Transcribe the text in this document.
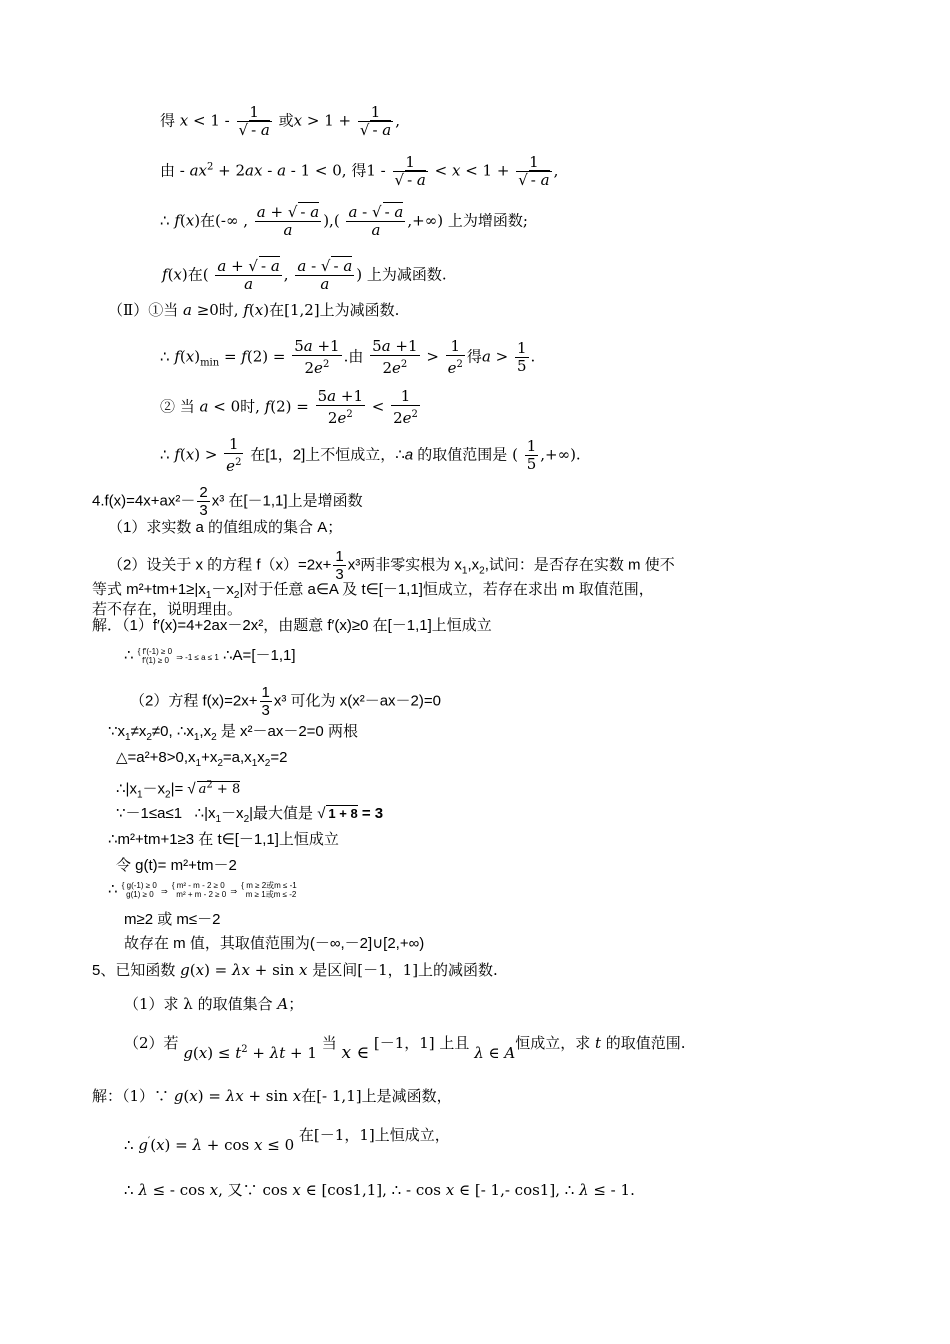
得 $x < 1 - \frac{1}{√ - a}$ 或$x > 1 + \frac{1}{√ - a}$ ,
由 - $ax^2 + 2ax - a - 1 < 0$, 得$1 - \frac{1}{√ - a} < x < 1 + \frac{1}{√ - a}$ ,
∴ f(x)在(-∞ , $\frac{a + √ - a}{a}$ ),( $\frac{a - √ - a}{a}$ ,+∞) 上为增函数;
f(x)在( $\frac{a + √ - a}{a}$ , $\frac{a - √ - a}{a}$ ) 上为减函数.
（Ⅱ）①当 a ≥0时, f(x)在[1,2]上为减函数.
∴ $f(x)_{min} = f(2) = \frac{5a +1}{2e^2}$ .由 $\frac{5a +1}{2e^2} > \frac{1}{e^2}$ 得$a > \frac{1}{5}$ .
② 当 a < 0时, $f(2) = \frac{5a +1}{2e^2} < \frac{1}{2e^2}$
∴ $f(x) > \frac{1}{e^2}$ 在[1，2]上不恒成立，∴a 的取值范围是 ( $\frac{1}{5}$ ,+∞).
$4.f(x)=4x+ax^2- \frac{2}{3} x^3$ 在[－1,1]上是增函数
（1）求实数 a 的值组成的集合 A；
（2）设关于 x 的方程 $f(x)=2x+ \frac{1}{3} x^3$两非零实根为 $x_1,x_2$,试问：是否存在实数 m 使不
等式 $m^2+tm+1\ge|x_1-x_2|$对于任意 a∈A 及 t∈[－1,1]恒成立，若存在求出 m 取值范围，
若不存在，说明理由。
解．（1）f′(x)=4+2ax－2x²，由题意 f′(x)≥0 在[－1,1]上恒成立
∴ { f′(-1) ≥ 0
f′(1) ≥ 0 ⇒ -1 ≤ a ≤ 1 ∴A=[－1,1]
（2）方程 $f(x)=2x+ \frac{1}{3} x^3$ 可化为 x(x²－ax－2)=0
$\because x_1\ne x_2\ne 0$, $\therefore x_1,x_2$ 是 x²－ax－2=0 两根
$\triangle=a^2+8>0,x_1+x_2=a,x_1x_2=2$
$\therefore|x_1-x_2|=$ √ $a^2 + 8$
∵－1≤a≤1   $\therefore|x_1-x_2|$最大值是 √ 1 + 8 = 3
∴m²+tm+1≥3 在 t∈[－1,1]上恒成立
令 g(t)= m²+tm－2
∴ { g(-1) ≥ 0
g(1) ≥ 0 ⇒ { m² - m - 2 ≥ 0
m² + m - 2 ≥ 0 ⇒ { m ≥ 2或m ≤ -1
m ≥ 1或m ≤ -2
m≥2 或 m≤－2
故存在 m 值，其取值范围为(－∞,－2]∪[2,+∞)
5、已知函数 g(x) = λx + sin x 是区间[－1，1]上的减函数.
（1）求 λ 的取值集合 A；
（2）若 $g(x) \le t^2 + \lambda t + 1$ 当 x ∈ [－1，1] 上且 λ ∈ A恒成立，求 t 的取值范围.
解：（1）∵ g(x) = λx + sin x在[- 1,1]上是减函数，
∴ g′(x) = λ + cos x ≤ 0 在[－1，1]上恒成立，
∴ λ ≤ - cos x, 又∵ cos x ∈ [cos1,1], ∴ - cos x ∈ [- 1,- cos1], ∴ λ ≤ - 1.
